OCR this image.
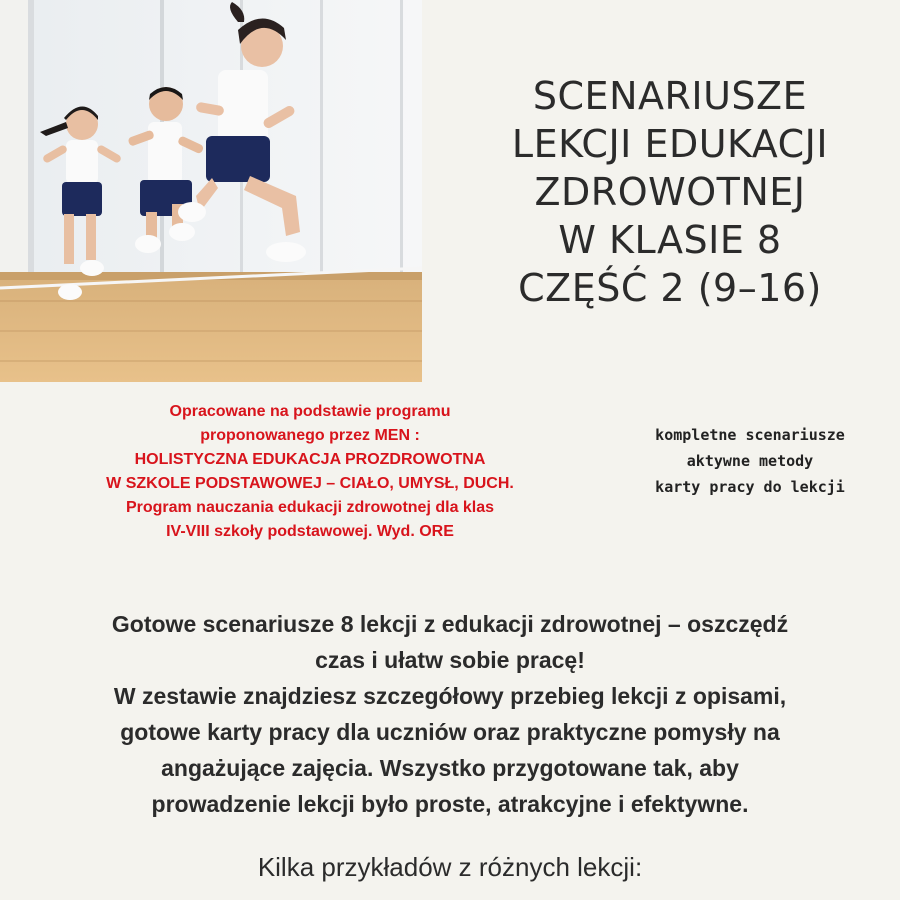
SCENARIUSZE
LEKCJI EDUKACJI
ZDROWOTNEJ
W KLASIE 8
CZĘŚĆ 2 (9–16)
Opracowane na podstawie programu
proponowanego przez MEN :
HOLISTYCZNA EDUKACJA PROZDROWOTNA
W SZKOLE PODSTAWOWEJ – CIAŁO, UMYSŁ, DUCH.
Program nauczania edukacji zdrowotnej dla klas
IV-VIII szkoły podstawowej. Wyd. ORE
kompletne scenariusze
aktywne metody
karty pracy do lekcji
Gotowe scenariusze 8 lekcji z edukacji zdrowotnej – oszczędź
czas i ułatw sobie pracę!
W zestawie znajdziesz szczegółowy przebieg lekcji z opisami,
gotowe karty pracy dla uczniów oraz praktyczne pomysły na
angażujące zajęcia. Wszystko przygotowane tak, aby
prowadzenie lekcji było proste, atrakcyjne i efektywne.
Kilka przykładów z różnych lekcji:
